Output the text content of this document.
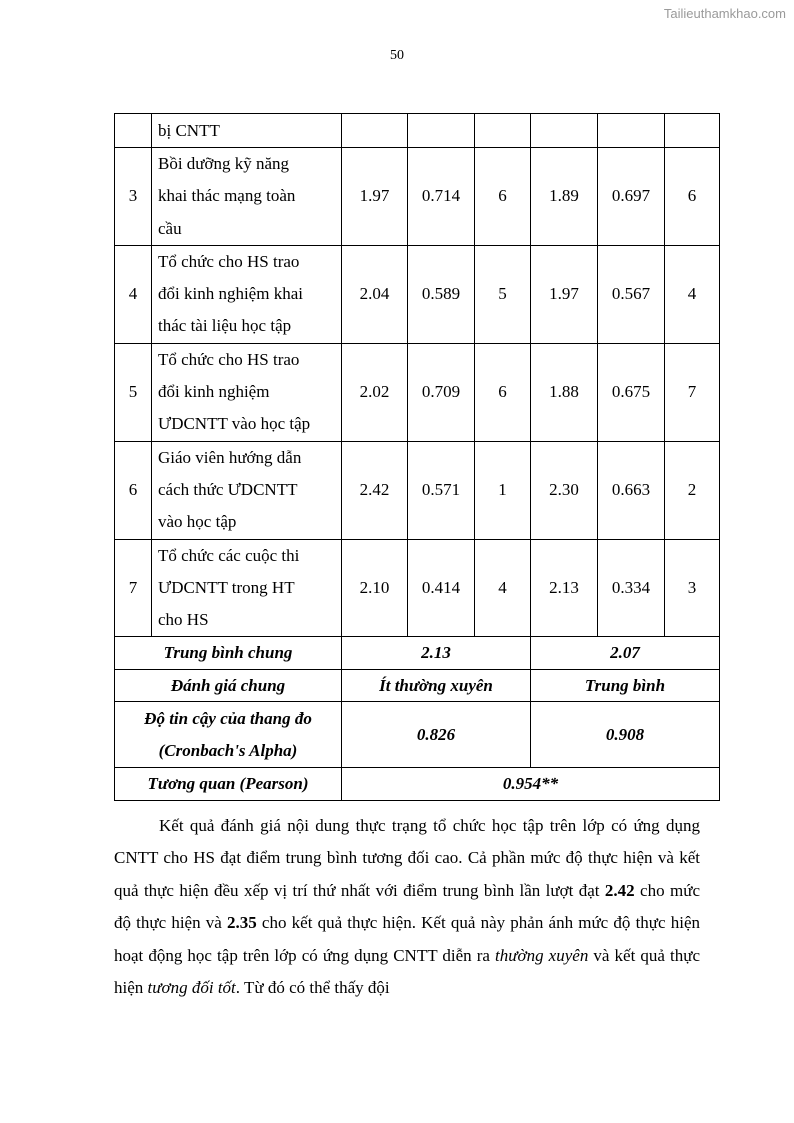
Tailieuthamkhao.com
50
	bị CNTT						
3	Bồi dưỡng kỹ năng
khai thác mạng toàn
cầu	1.97	0.714	6	1.89	0.697	6
4	Tổ chức cho HS trao
đổi kinh nghiệm khai
thác tài liệu học tập	2.04	0.589	5	1.97	0.567	4
5	Tổ chức cho HS trao
đổi kinh nghiệm
ƯDCNTT vào học tập	2.02	0.709	6	1.88	0.675	7
6	Giáo viên hướng dẫn
cách thức ƯDCNTT
vào học tập	2.42	0.571	1	2.30	0.663	2
7	Tổ chức các cuộc thi
ƯDCNTT trong HT
cho HS	2.10	0.414	4	2.13	0.334	3
Trung bình chung		2.13			2.07		
Đánh giá chung		Ít thường xuyên			Trung bình		

Độ tin cậy của thang đo
(Cronbach's Alpha)		0.826			0.908		
Tương quan (Pearson)		0.954**					

Kết quả đánh giá nội dung thực trạng tổ chức học tập trên lớp có ứng dụng CNTT cho HS đạt điểm trung bình tương đối cao. Cả phần mức độ thực hiện và kết quả thực hiện đều xếp vị trí thứ nhất với điểm trung bình lần lượt đạt 2.42 cho mức độ thực hiện và 2.35 cho kết quả thực hiện. Kết quả này phản ánh mức độ thực hiện hoạt động học tập trên lớp có ứng dụng CNTT diễn ra thường xuyên và kết quả thực hiện tương đối tốt. Từ đó có thể thấy đội
